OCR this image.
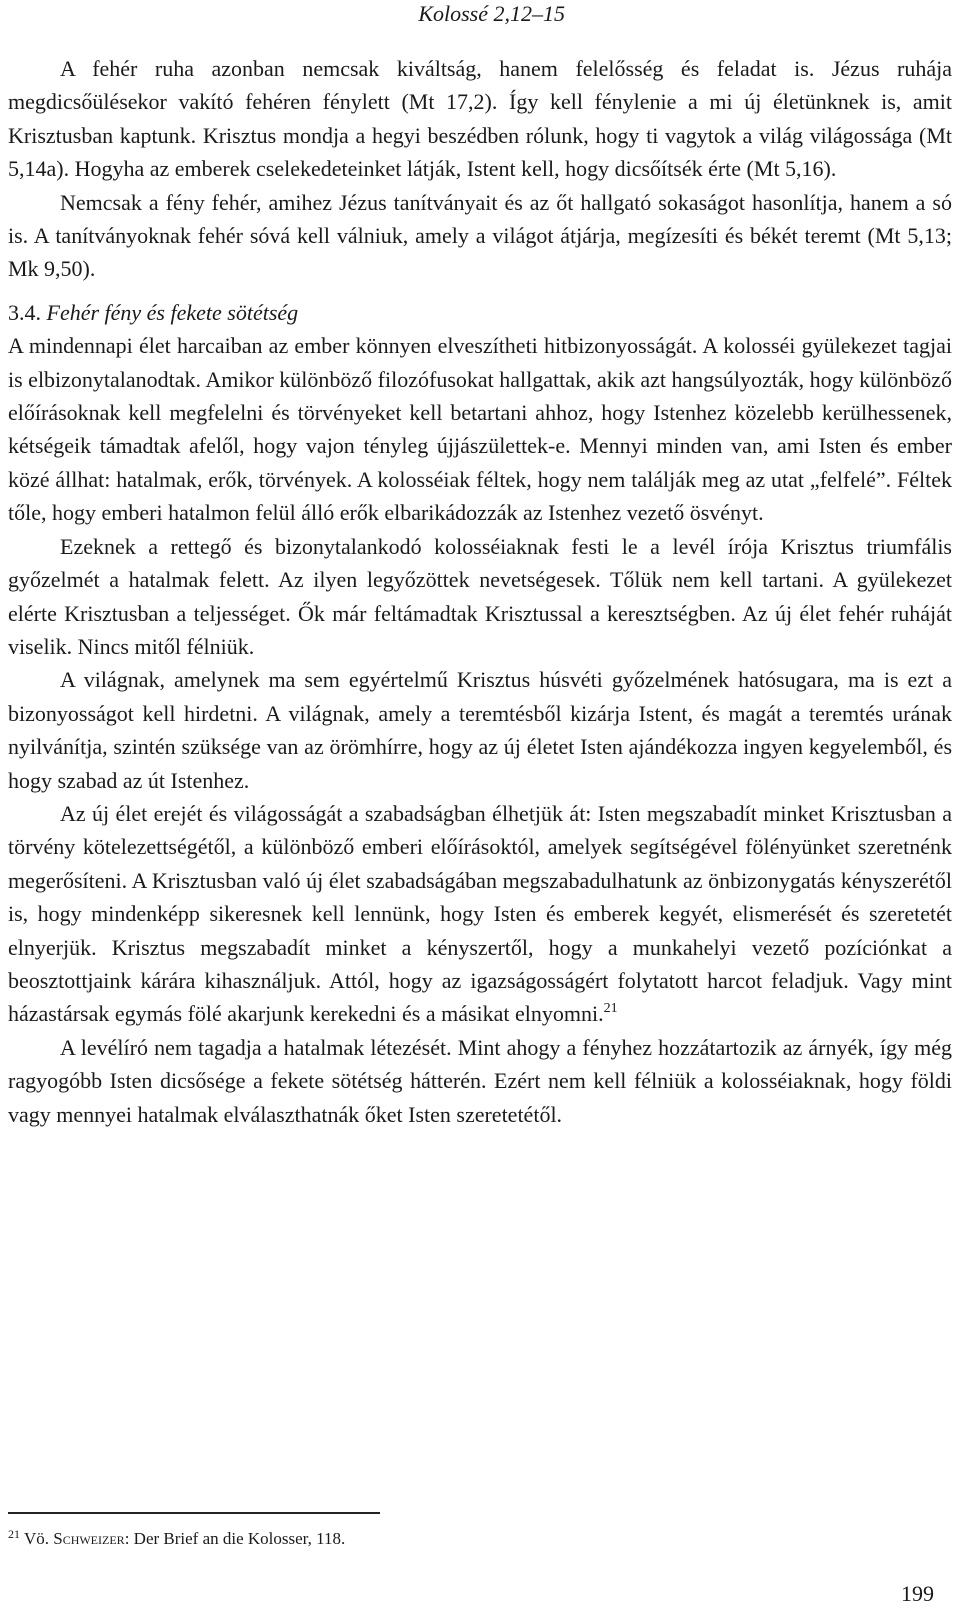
Kolossé 2,12–15

A fehér ruha azonban nemcsak kiváltság, hanem felelősség és feladat is. Jézus ruhája megdicsőülésekor vakító fehéren fénylett (Mt 17,2). Így kell fénylenie a mi új életünknek is, amit Krisztusban kaptunk. Krisztus mondja a hegyi beszédben rólunk, hogy ti vagytok a világ világossága (Mt 5,14a). Hogyha az emberek cselekedeteinket látják, Istent kell, hogy dicsőítsék érte (Mt 5,16).

Nemcsak a fény fehér, amihez Jézus tanítványait és az őt hallgató sokaságot hasonlítja, hanem a só is. A tanítványoknak fehér sóvá kell válniuk, amely a világot átjárja, megízesíti és békét teremt (Mt 5,13; Mk 9,50).

3.4. Fehér fény és fekete sötétség

A mindennapi élet harcaiban az ember könnyen elveszítheti hitbizonyosságát. A kolosséi gyülekezet tagjai is elbizonytalanodtak. Amikor különböző filozófusokat hallgattak, akik azt hangsúlyozták, hogy különböző előírásoknak kell megfelelni és törvényeket kell betartani ahhoz, hogy Istenhez közelebb kerülhessenek, kétségeik támadtak afelől, hogy vajon tényleg újjászülettek-e. Mennyi minden van, ami Isten és ember közé állhat: hatalmak, erők, törvények. A kolosséiak féltek, hogy nem találják meg az utat „felfelé”. Féltek tőle, hogy emberi hatalmon felül álló erők elbarikádozzák az Istenhez vezető ösvényt.

Ezeknek a rettegő és bizonytalankodó kolosséiaknak festi le a levél írója Krisztus triumfális győzelmét a hatalmak felett. Az ilyen legyőzöttek nevetségesek. Tőlük nem kell tartani. A gyülekezet elérte Krisztusban a teljességet. Ők már feltámadtak Krisztussal a keresztségben. Az új élet fehér ruháját viselik. Nincs mitől félniük.

A világnak, amelynek ma sem egyértelmű Krisztus húsvéti győzelmének hatósugara, ma is ezt a bizonyosságot kell hirdetni. A világnak, amely a teremtésből kizárja Istent, és magát a teremtés urának nyilvánítja, szintén szüksége van az örömhírre, hogy az új életet Isten ajándékozza ingyen kegyelemből, és hogy szabad az út Istenhez.

Az új élet erejét és világosságát a szabadságban élhetjük át: Isten megszabadít minket Krisztusban a törvény kötelezettségétől, a különböző emberi előírásoktól, amelyek segítségével fölényünket szeretnénk megerősíteni. A Krisztusban való új élet szabadságában megszabadulhatunk az önbizonygatás kényszerétől is, hogy mindenképp sikeresnek kell lennünk, hogy Isten és emberek kegyét, elismerését és szeretetét elnyerjük. Krisztus megszabadít minket a kényszertől, hogy a munkahelyi vezető pozíciónkat a beosztottjaink kárára kihasználjuk. Attól, hogy az igazságosságért folytatott harcot feladjuk. Vagy mint házastársak egymás fölé akarjunk kerekedni és a másikat elnyomni.$^{21}$

A levélíró nem tagadja a hatalmak létezését. Mint ahogy a fényhez hozzátartozik az árnyék, így még ragyogóbb Isten dicsősége a fekete sötétség hátterén. Ezért nem kell félniük a kolosséiaknak, hogy földi vagy mennyei hatalmak elválaszthatnák őket Isten szeretetétől.

$^{21}$ Vö. Schweizer: Der Brief an die Kolosser, 118.
199
